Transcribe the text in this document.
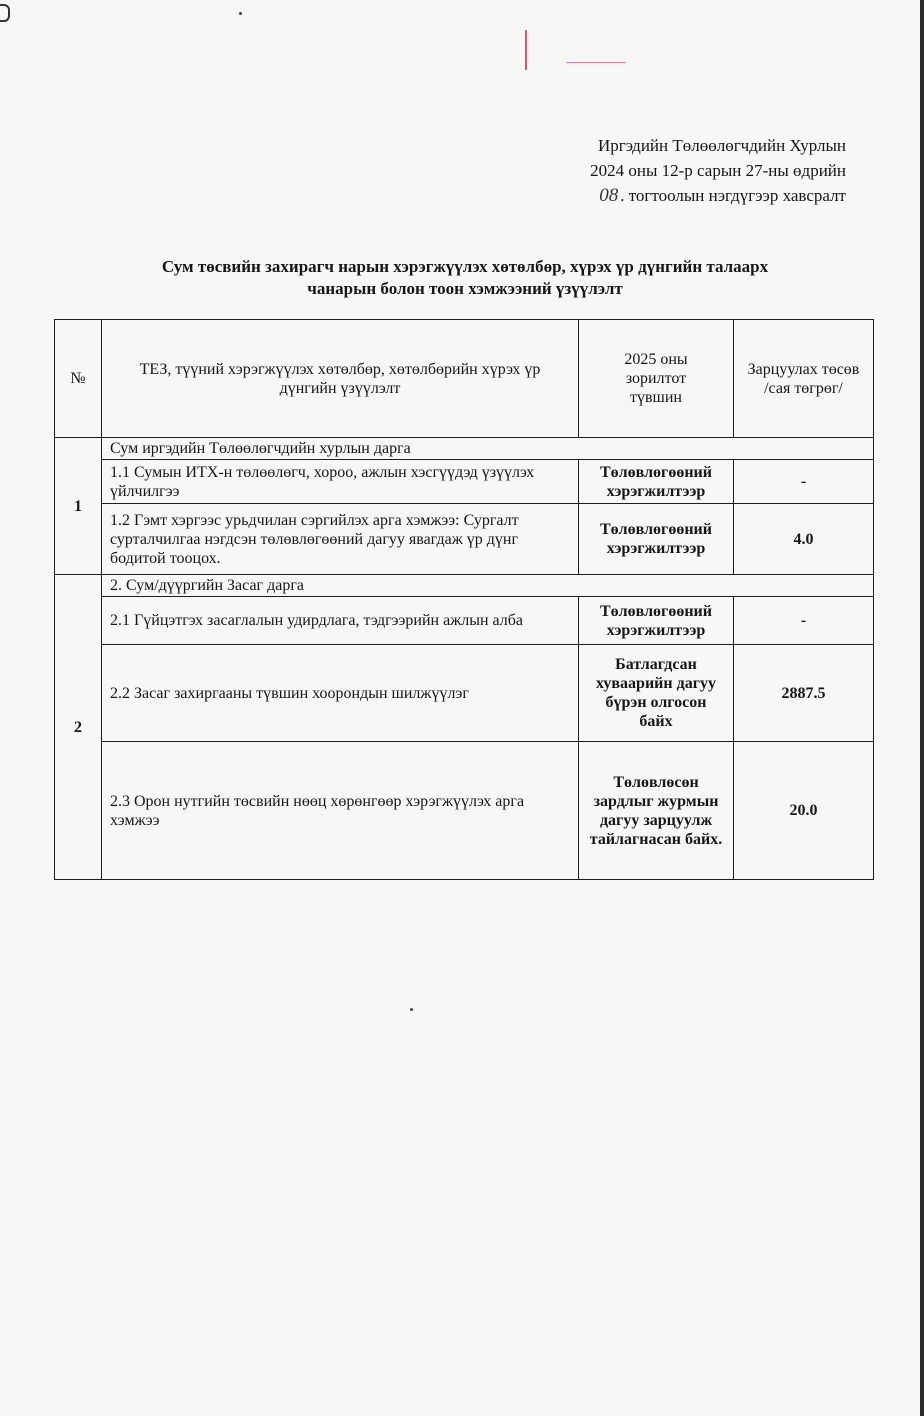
Иргэдийн Төлөөлөгчдийн Хурлын
2024 оны 12-р сарын 27-ны өдрийн
08 . тогтоолын нэгдүгээр хавсралт
Сум төсвийн захирагч нарын хэрэгжүүлэх хөтөлбөр, хүрэх үр дүнгийн талаарх
чанарын болон тоон хэмжээний үзүүлэлт
№	ТЕЗ, түүний хэрэгжүүлэх хөтөлбөр, хөтөлбөрийн хүрэх үр дүнгийн үзүүлэлт	2025 оны зорилтот түвшин	Зарцуулах төсөв /сая төгрөг/
1	Сум иргэдийн Төлөөлөгчдийн хурлын дарга		
	1.1 Сумын ИТХ-н төлөөлөгч, хороо, ажлын хэсгүүдэд үзүүлэх үйлчилгээ	Төлөвлөгөөний хэрэгжилтээр	-
	1.2 Гэмт хэргээс урьдчилан сэргийлэх арга хэмжээ: Сургалт сурталчилгаа нэгдсэн төлөвлөгөөний дагуу явагдаж үр дүнг бодитой тооцох.	Төлөвлөгөөний хэрэгжилтээр	4.0
2	2. Сум/дүүргийн Засаг дарга		
	2.1 Гүйцэтгэх засаглалын удирдлага, тэдгээрийн ажлын алба	Төлөвлөгөөний хэрэгжилтээр	-
	2.2 Засаг захиргааны түвшин хоорондын шилжүүлэг	Батлагдсан хуваарийн дагуу бүрэн олгосон байх	2887.5
	2.3 Орон нутгийн төсвийн нөөц хөрөнгөөр хэрэгжүүлэх арга хэмжээ	Төлөвлөсөн зардлыг журмын дагуу зарцуулж тайлагнасан байх.	20.0
